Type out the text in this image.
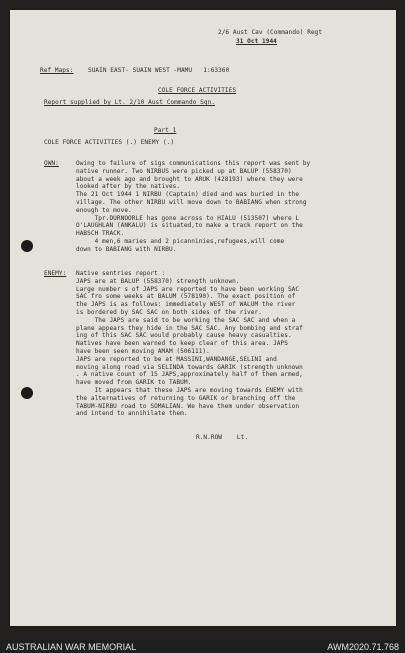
2/6 Aust Cav (Commando) Regt
31 Oct 1944
Ref Maps: SUAIN EAST- SUAIN WEST -MAMU   1:63360
COLE FORCE ACTIVITIES
Report supplied by Lt. 2/10 Aust Commando Sqn.
Part 1
COLE FORCE ACTIVITIES (.) ENEMY (.)
OWN:	Owing to failure of sigs communications this report was sent by
native runner. Two NIRBUS were picked up at BALUP (558370)
about a week ago and brought to ARUK (428193) where they were
looked after by the natives.
The 21 Oct 1944 1 NIRBU (Captain) died and was buried in the
village. The other NIRBU will move down to BABIANG when strong
enough to move.
Tpr.DURNOORLE has gone across to HIALU (513507) where L
O'LAUGHLAN (ANKALU) is situated,to make a track report on the
HABSCH TRACK.
4 men,6 maries and 2 picanninies,refugees,will come
down to BABIANG with NIRBU.
ENEMY: Native sentries report :
JAPS are at BALUP (558370) strength unknown.
Large number s of JAPS are reported to have been working SAC
SAC fro some weeks at BALUM (578190). The exact position of
the JAPS is as follows: immediately WEST of WALUM the river
is bordered by SAC SAC on both sides of the river.
The JAPS are said to be working the SAC SAC and when a
plane appears they hide in the SAC SAC. Any bombing and straf
ing of this SAC SAC would probably cause heavy casualties.
Natives have been warned to keep clear of this area. JAPS
have been seen moving AMAM (506111).
JAPS are reported to be at MASSINI,WANDANGE,SELINI and
moving along road via SELINDA towards GARIK (strength unknown
. A native count of 15 JAPS,approximately half of them armed,
have moved from GARIK to TABUM.
It appears that these JAPS are moving towards ENEMY with
the alternatives of returning to GARIK or branching off the
TABUM-NIRBU road to SOMALIAN. We have them under observation
and intend to annihilate them.
R.N.ROW    Lt.
AUSTRALIAN WAR MEMORIAL	AWM2020.71.768
